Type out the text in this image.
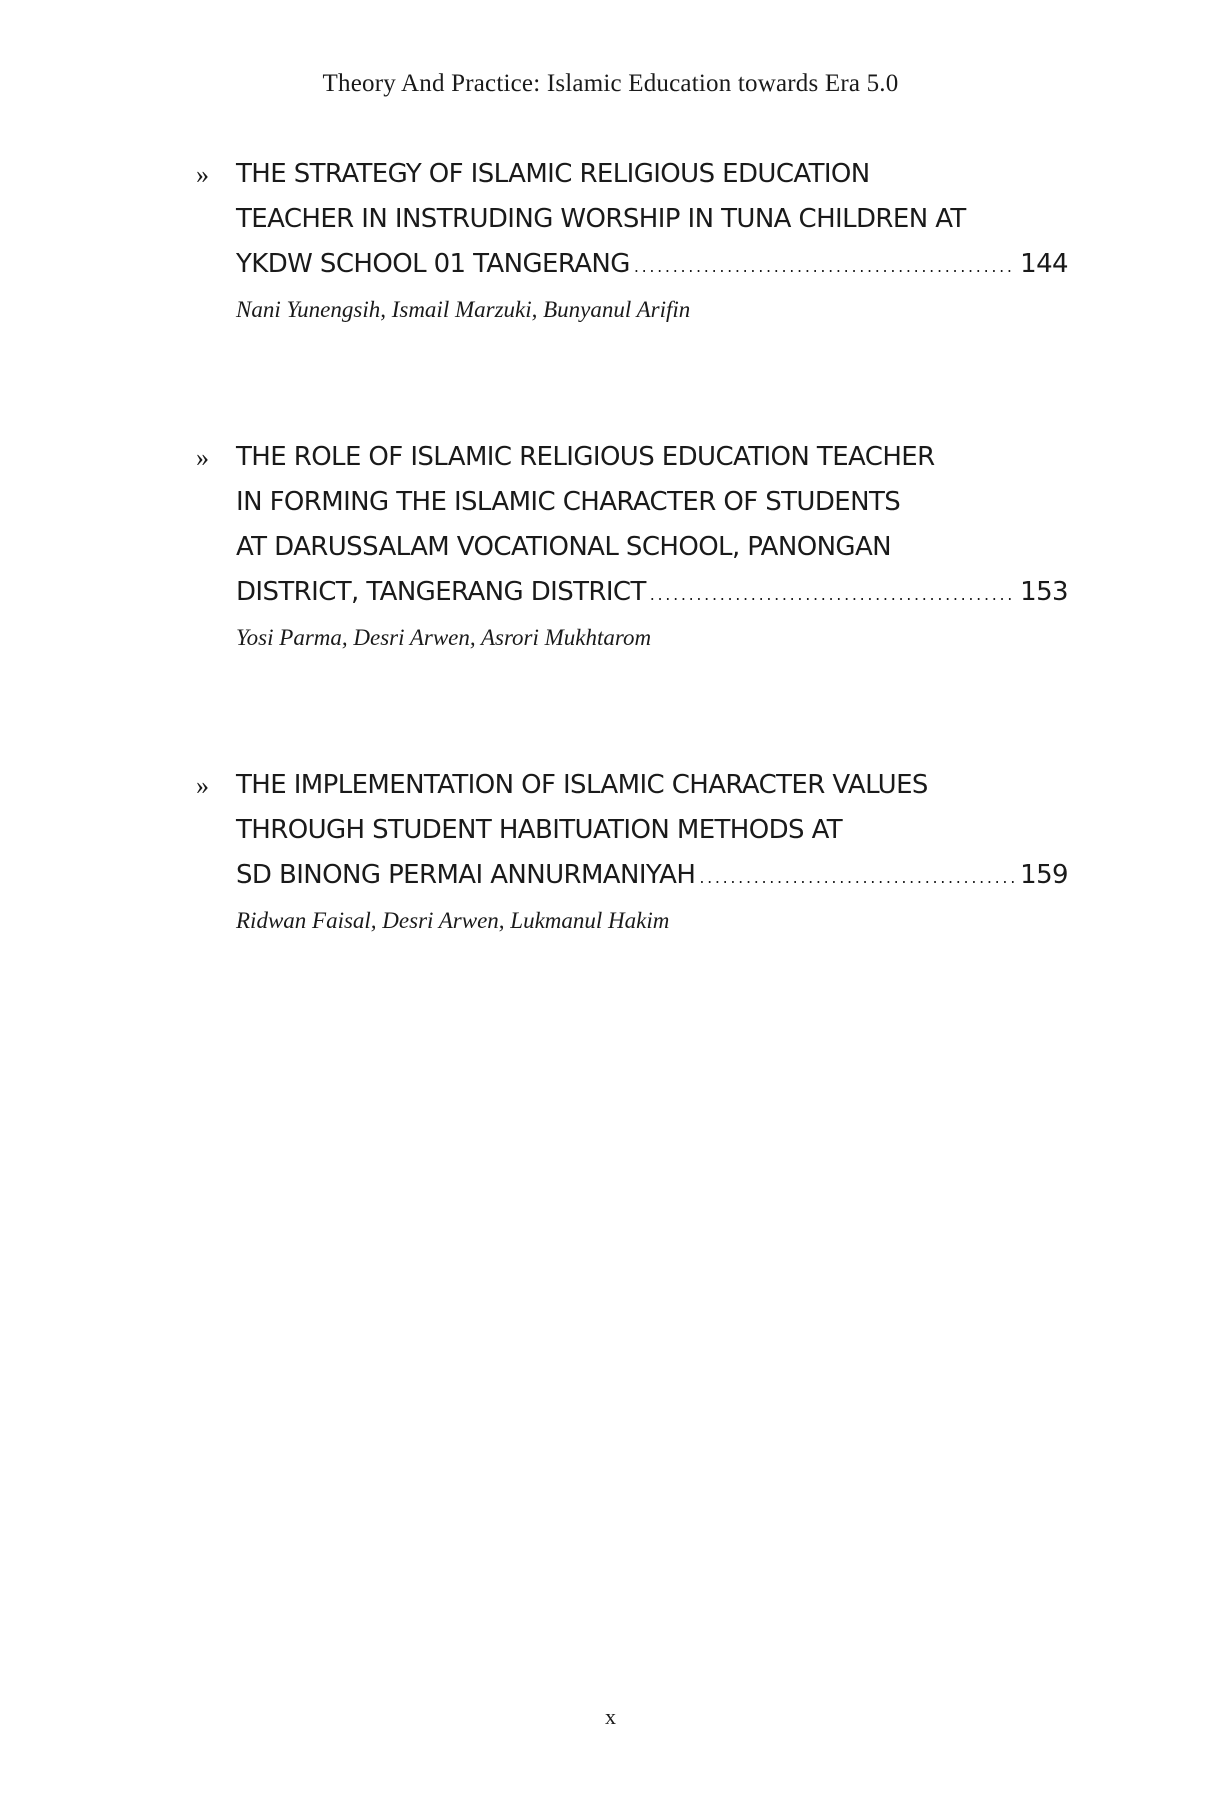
Theory And Practice: Islamic Education towards Era 5.0
»	THE STRATEGY OF ISLAMIC RELIGIOUS EDUCATION
TEACHER IN INSTRUDING WORSHIP IN TUNA CHILDREN AT
YKDW SCHOOL 01 TANGERANG . . .	144
Nani Yunengsih, Ismail Marzuki, Bunyanul Arifin
»	THE ROLE OF ISLAMIC RELIGIOUS EDUCATION TEACHER
IN FORMING THE ISLAMIC CHARACTER OF STUDENTS
AT DARUSSALAM VOCATIONAL SCHOOL, PANONGAN
DISTRICT, TANGERANG DISTRICT . . .	153
Yosi Parma, Desri Arwen, Asrori Mukhtarom
»	THE IMPLEMENTATION OF ISLAMIC CHARACTER VALUES
THROUGH STUDENT HABITUATION METHODS AT
SD BINONG PERMAI ANNURMANIYAH . . .	159
Ridwan Faisal, Desri Arwen, Lukmanul Hakim
x
